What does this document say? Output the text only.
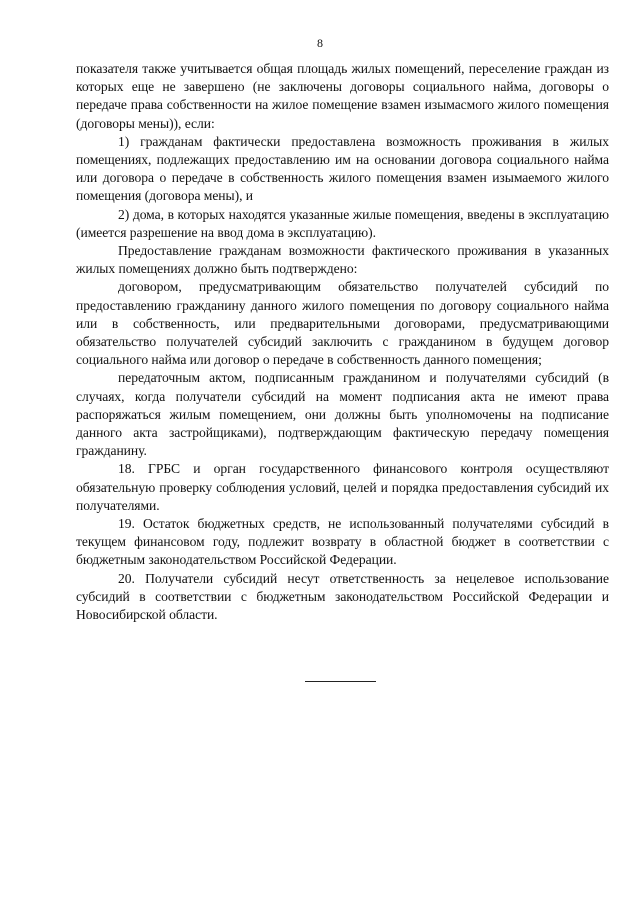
8

показателя также учитывается общая площадь жилых помещений, переселение граждан из которых еще не завершено (не заключены договоры социального найма, договоры о передаче права собственности на жилое помещение взамен изымасмого жилого помещения (договоры мены)), если:

1) гражданам фактически предоставлена возможность проживания в жилых помещениях, подлежащих предоставлению им на основании договора социального найма или договора о передаче в собственность жилого помещения взамен изымаемого жилого помещения (договора мены), и

2) дома, в которых находятся указанные жилые помещения, введены в эксплуатацию (имеется разрешение на ввод дома в эксплуатацию).

Предоставление гражданам возможности фактического проживания в указанных жилых помещениях должно быть подтверждено:

договором, предусматривающим обязательство получателей субсидий по предоставлению гражданину данного жилого помещения по договору социального найма или в собственность, или предварительными договорами, предусматривающими обязательство получателей субсидий заключить с гражданином в будущем договор социального найма или договор о передаче в собственность данного помещения;

передаточным актом, подписанным гражданином и получателями субсидий (в случаях, когда получатели субсидий на момент подписания акта не имеют права распоряжаться жилым помещением, они должны быть уполномочены на подписание данного акта застройщиками), подтверждающим фактическую передачу помещения гражданину.

18. ГРБС и орган государственного финансового контроля осуществляют обязательную проверку соблюдения условий, целей и порядка предоставления субсидий их получателями.

19. Остаток бюджетных средств, не использованный получателями субсидий в текущем финансовом году, подлежит возврату в областной бюджет в соответствии с бюджетным законодательством Российской Федерации.

20. Получатели субсидий несут ответственность за нецелевое использование субсидий в соответствии с бюджетным законодательством Российской Федерации и Новосибирской области.
